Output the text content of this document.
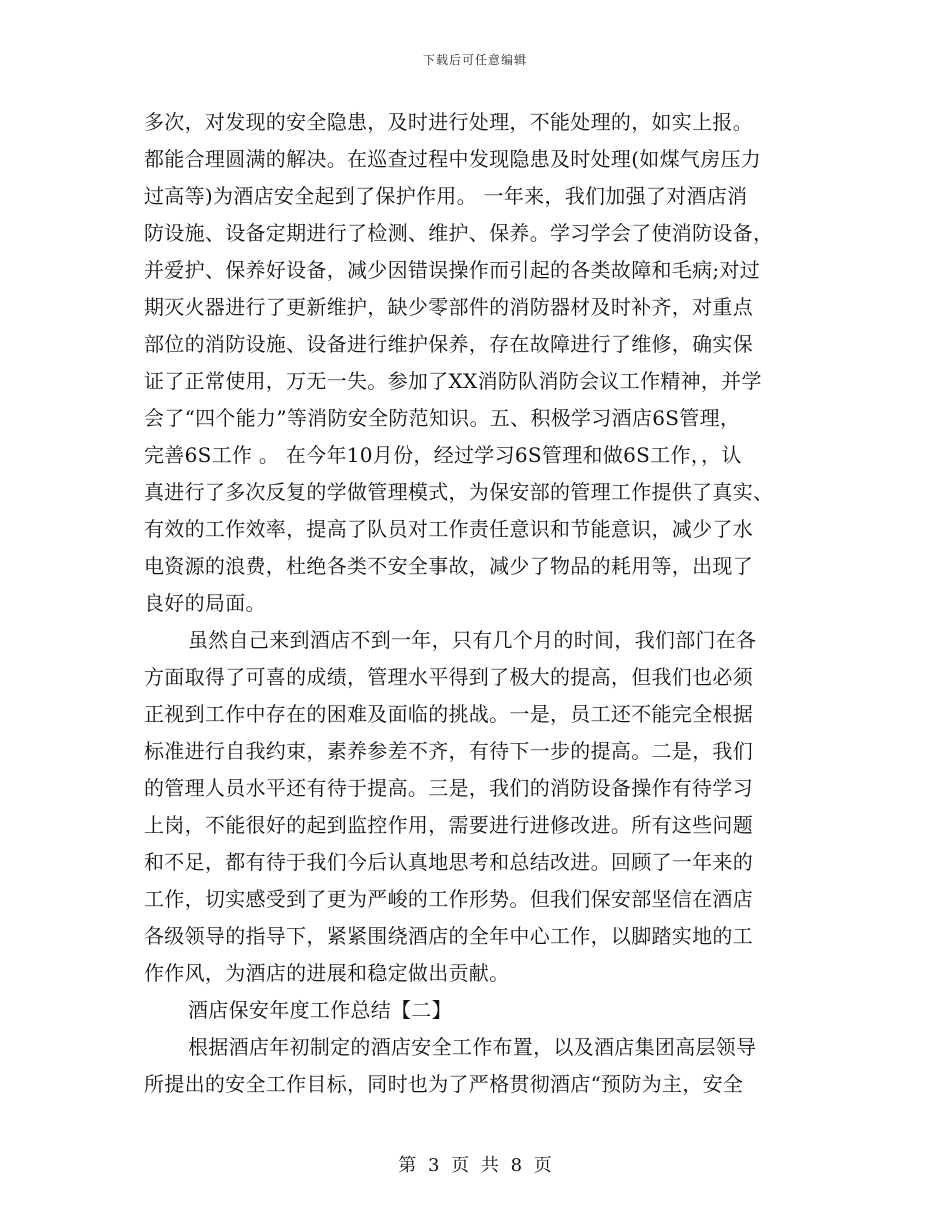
下载后可任意编辑
多次，对发现的安全隐患，及时进行处理，不能处理的，如实上报。
都能合理圆满的解决。在巡查过程中发现隐患及时处理(如煤气房压力
过高等)为酒店安全起到了保护作用。 一年来，我们加强了对酒店消
防设施、设备定期进行了检测、维护、保养。学习学会了使消防设备，
并爱护、保养好设备，减少因错误操作而引起的各类故障和毛病;对过
期灭火器进行了更新维护，缺少零部件的消防器材及时补齐，对重点
部位的消防设施、设备进行维护保养，存在故障进行了维修，确实保
证了正常使用，万无一失。参加了XX消防队消防会议工作精神，并学
会了“四个能力”等消防安全防范知识。五、积极学习酒店6S管理，
完善6S工作 。 在今年10月份，经过学习6S管理和做6S工作，，认
真进行了多次反复的学做管理模式，为保安部的管理工作提供了真实、
有效的工作效率，提高了队员对工作责任意识和节能意识，减少了水
电资源的浪费，杜绝各类不安全事故，减少了物品的耗用等，出现了
良好的局面。
虽然自己来到酒店不到一年，只有几个月的时间，我们部门在各
方面取得了可喜的成绩，管理水平得到了极大的提高，但我们也必须
正视到工作中存在的困难及面临的挑战。一是，员工还不能完全根据
标准进行自我约束，素养参差不齐，有待下一步的提高。二是，我们
的管理人员水平还有待于提高。三是，我们的消防设备操作有待学习
上岗，不能很好的起到监控作用，需要进行进修改进。所有这些问题
和不足，都有待于我们今后认真地思考和总结改进。回顾了一年来的
工作，切实感受到了更为严峻的工作形势。但我们保安部坚信在酒店
各级领导的指导下，紧紧围绕酒店的全年中心工作，以脚踏实地的工
作作风，为酒店的进展和稳定做出贡献。
酒店保安年度工作总结【二】
根据酒店年初制定的酒店安全工作布置，以及酒店集团高层领导
所提出的安全工作目标，同时也为了严格贯彻酒店“预防为主，安全
第 3 页 共 8 页
